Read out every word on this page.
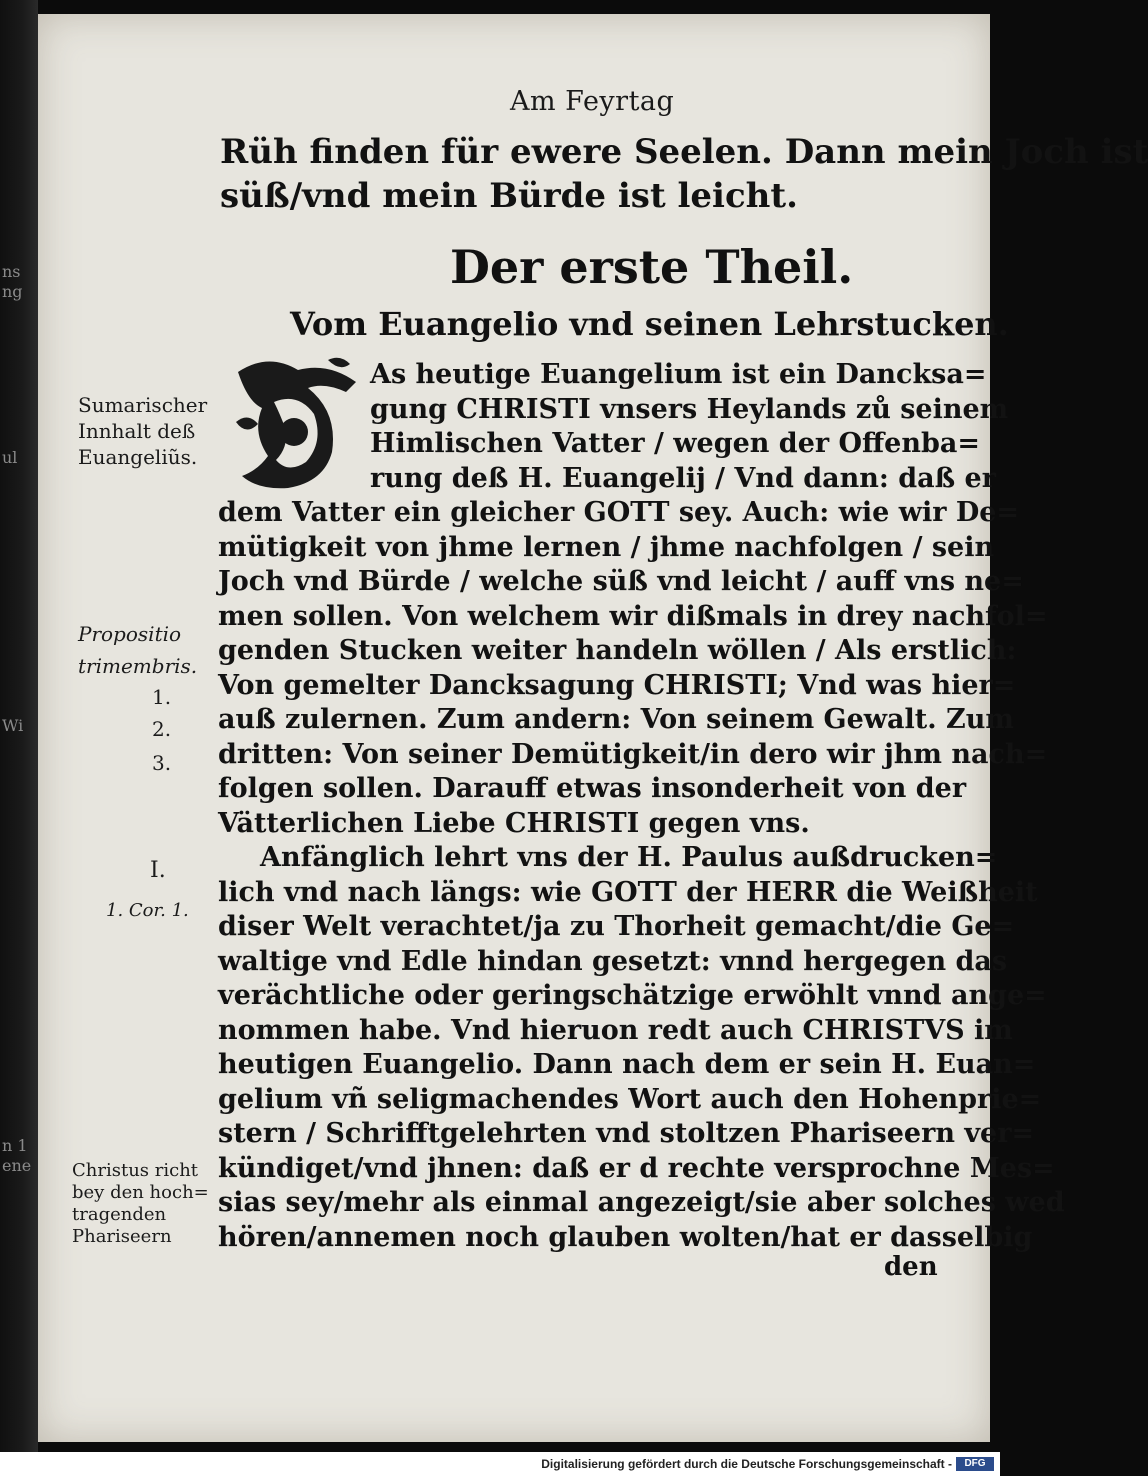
ns
ng
ul
Wi
n 1
ene
Am Feyrtag
Rüh finden für ewere Seelen. Dann mein Joch ist
süß/vnd mein Bürde ist leicht.
Der erste Theil.
Vom Euangelio vnd seinen Lehrstucken.
As heutige Euangelium ist ein Dancksa=
gung CHRISTI vnsers Heylands zů seinem
Himlischen Vatter / wegen der Offenba=
rung deß H. Euangelij / Vnd dann: daß er
dem Vatter ein gleicher GOTT sey. Auch: wie wir De=
mütigkeit von jhme lernen / jhme nachfolgen / sein
Joch vnd Bürde / welche süß vnd leicht / auff vns ne=
men sollen. Von welchem wir dißmals in drey nachfol=
genden Stucken weiter handeln wöllen / Als erstlich:
Von gemelter Dancksagung CHRISTI; Vnd was hier=
auß zulernen. Zum andern: Von seinem Gewalt. Zum
dritten: Von seiner Demütigkeit/in dero wir jhm nach=
folgen sollen. Darauff etwas insonderheit von der
Vätterlichen Liebe CHRISTI gegen vns.
Anfänglich lehrt vns der H. Paulus außdrucken=
lich vnd nach längs: wie GOTT der HERR die Weißheit
diser Welt verachtet/ja zu Thorheit gemacht/die Ge=
waltige vnd Edle hindan gesetzt: vnnd hergegen das
verächtliche oder geringschätzige erwöhlt vnnd ange=
nommen habe. Vnd hieruon redt auch CHRISTVS im
heutigen Euangelio. Dann nach dem er sein H. Euan=
gelium vñ seligmachendes Wort auch den Hohenprie=
stern / Schrifftgelehrten vnd stoltzen Phariseern ver=
kündiget/vnd jhnen: daß er d rechte versprochne Mes=
sias sey/mehr als einmal angezeigt/sie aber solches wed
hören/annemen noch glauben wolten/hat er dasselbig
den
Sumarischer
Innhalt deß
Euangeliũs.
Propositio
trimembris.
1.
2.
3.
I.
1. Cor. 1.
Christus richt
bey den hoch=
tragenden
Phariseern
Digitalisierung gefördert durch die Deutsche Forschungsgemeinschaft -	DFG
